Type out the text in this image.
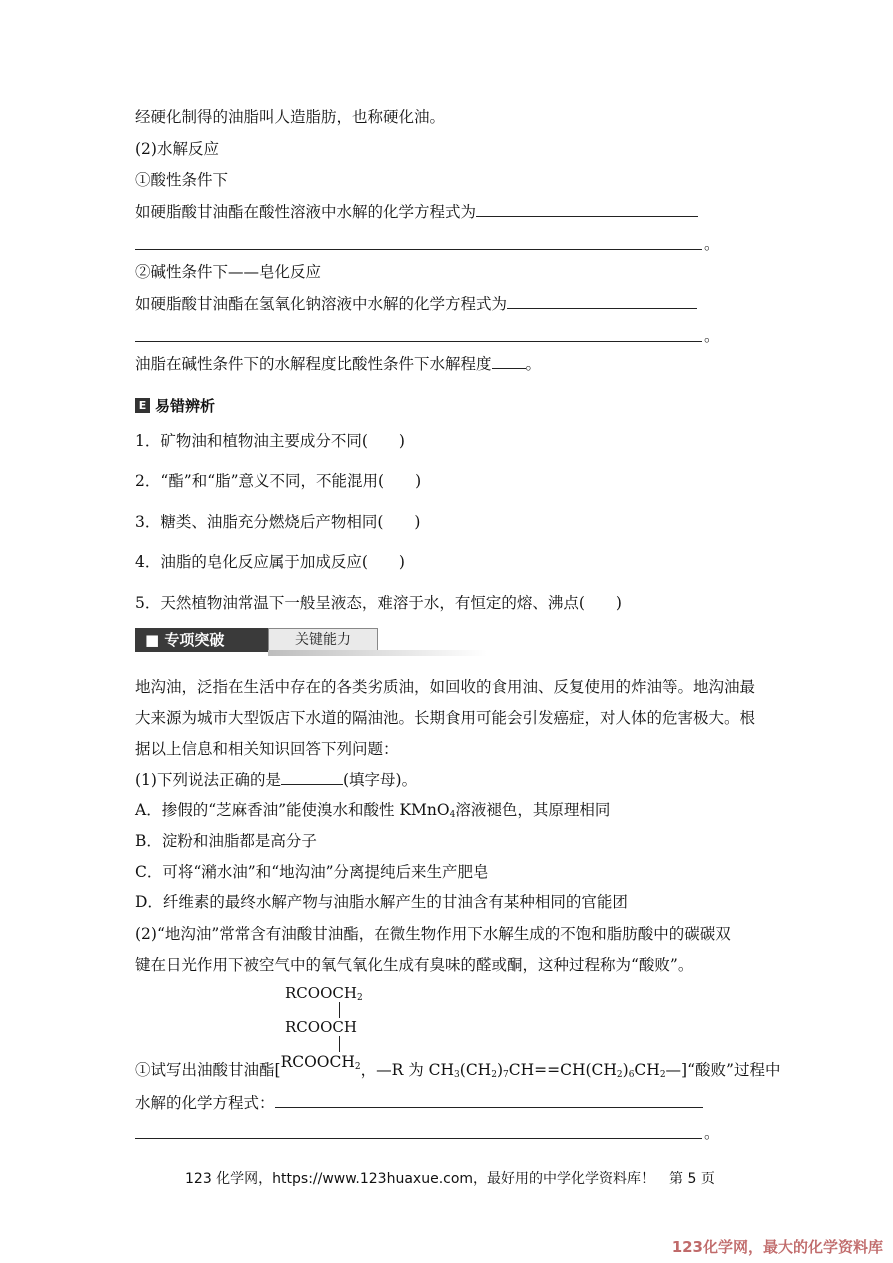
经硬化制得的油脂叫人造脂肪，也称硬化油。
(2)水解反应
①酸性条件下
如硬脂酸甘油酯在酸性溶液中水解的化学方程式为
。
②碱性条件下——皂化反应
如硬脂酸甘油酯在氢氧化钠溶液中水解的化学方程式为
。
油脂在碱性条件下的水解程度比酸性条件下水解程度 。
E 易错辨析
1．矿物油和植物油主要成分不同(　　)
2．“酯”和“脂”意义不同，不能混用(　　)
3．糖类、油脂充分燃烧后产物相同(　　)
4．油脂的皂化反应属于加成反应(　　)
5．天然植物油常温下一般呈液态，难溶于水，有恒定的熔、沸点(　　)
■ 专项突破	关键能力
地沟油，泛指在生活中存在的各类劣质油，如回收的食用油、反复使用的炸油等。地沟油最
大来源为城市大型饭店下水道的隔油池。长期食用可能会引发癌症，对人体的危害极大。根
据以上信息和相关知识回答下列问题：
(1)下列说法正确的是	(填字母)。
A．掺假的“芝麻香油”能使溴水和酸性 KMnO$_4$溶液褪色，其原理相同
B．淀粉和油脂都是高分子
C．可将“潲水油”和“地沟油”分离提纯后来生产肥皂
D．纤维素的最终水解产物与油脂水解产生的甘油含有某种相同的官能团
(2)“地沟油”常常含有油酸甘油酯，在微生物作用下水解生成的不饱和脂肪酸中的碳碳双
键在日光作用下被空气中的氧气氧化生成有臭味的醛或酮，这种过程称为“酸败”。
$RCOOCH_2$
RCOOCH
①试写出油酸甘油酯[$RCOOCH_2$，—R 为 $CH_3(CH_2)_7CH==CH(CH_2)_6CH_2—]“$酸败”过程中
水解的化学方程式：
。
123 化学网，https://www.123huaxue.com，最好用的中学化学资料库！　第 5 页
123化学网，最大的化学资料库
